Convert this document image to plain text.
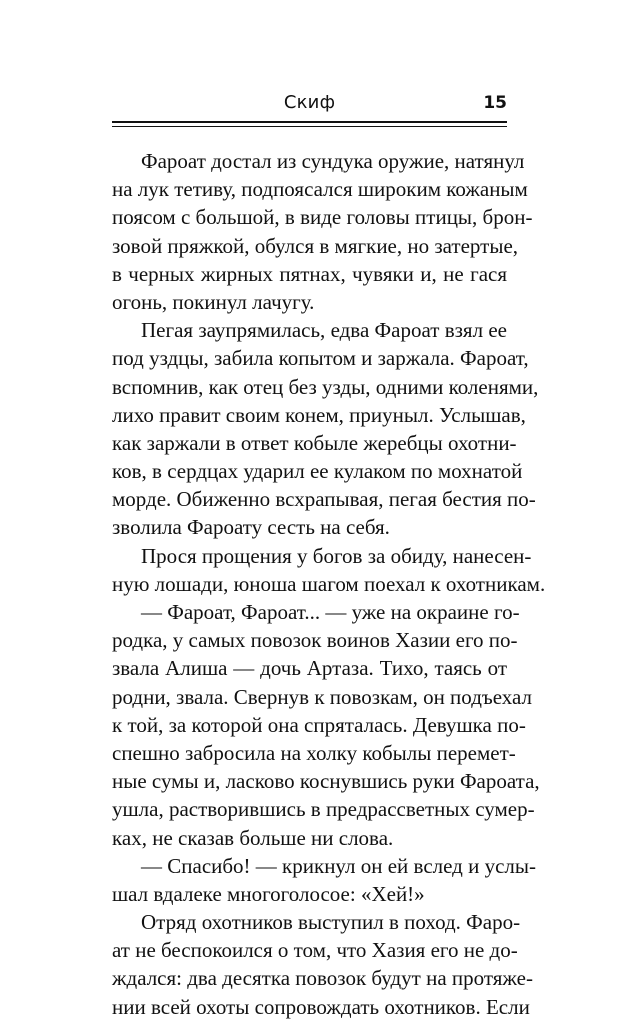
Скиф	15
Фароат достал из сундука оружие, натянул
на лук тетиву, подпоясался широким кожаным
поясом с большой, в виде головы птицы, брон-
зовой пряжкой, обулся в мягкие, но затертые,
в черных жирных пятнах, чувяки и, не гася
огонь, покинул лачугу.
Пегая заупрямилась, едва Фароат взял ее
под уздцы, забила копытом и заржала. Фароат,
вспомнив, как отец без узды, одними коленями,
лихо правит своим конем, приуныл. Услышав,
как заржали в ответ кобыле жеребцы охотни-
ков, в сердцах ударил ее кулаком по мохнатой
морде. Обиженно всхрапывая, пегая бестия по-
зволила Фароату сесть на себя.
Прося прощения у богов за обиду, нанесен-
ную лошади, юноша шагом поехал к охотникам.
— Фароат, Фароат... — уже на окраине го-
родка, у самых повозок воинов Хазии его по-
звала Алиша — дочь Артаза. Тихо, таясь от
родни, звала. Свернув к повозкам, он подъехал
к той, за которой она спряталась. Девушка по-
спешно забросила на холку кобылы перемет-
ные сумы и, ласково коснувшись руки Фароата,
ушла, растворившись в предрассветных сумер-
ках, не сказав больше ни слова.
— Спасибо! — крикнул он ей вслед и услы-
шал вдалеке многоголосое: «Хей!»
Отряд охотников выступил в поход. Фаро-
ат не беспокоился о том, что Хазия его не до-
ждался: два десятка повозок будут на протяже-
нии всей охоты сопровождать охотников. Если
